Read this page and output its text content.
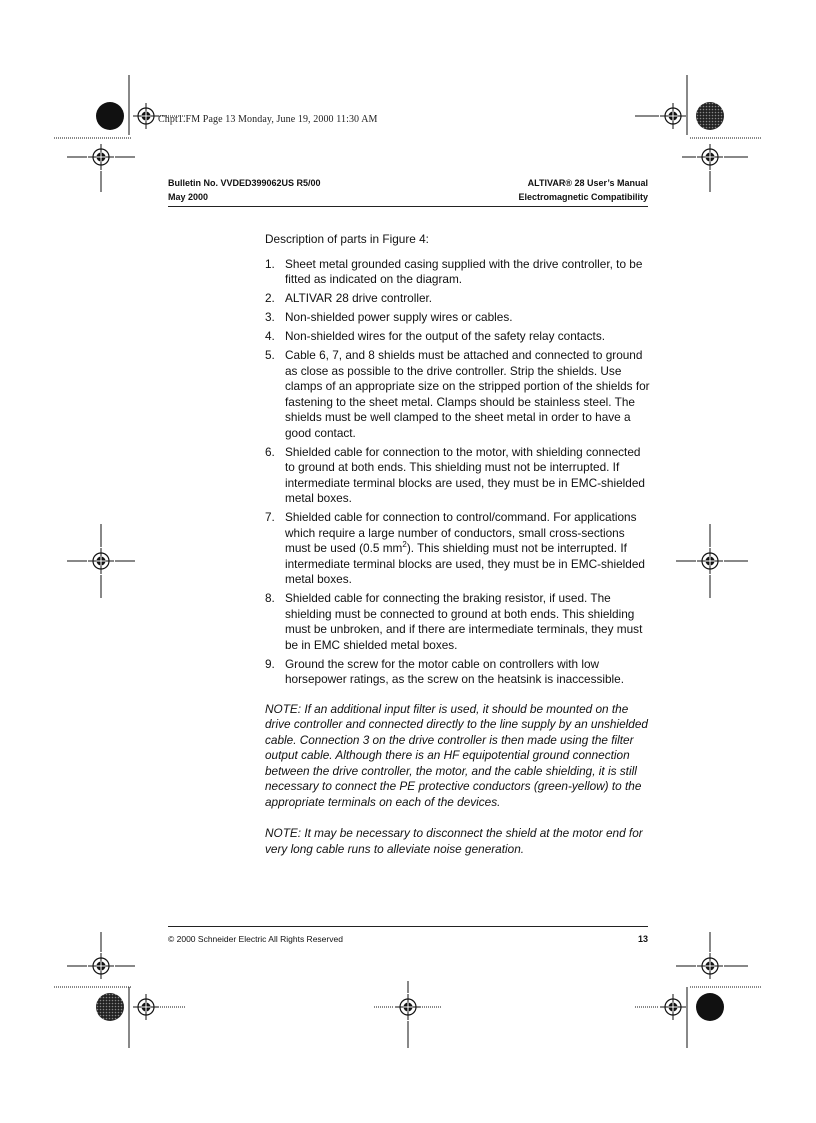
Chpt1.FM Page 13 Monday, June 19, 2000 11:30 AM
Bulletin No. VVDED399062US R5/00
May 2000
ALTIVAR® 28 User’s Manual
Electromagnetic Compatibility

Description of parts in Figure 4:

1. Sheet metal grounded casing supplied with the drive controller, to be fitted as indicated on the diagram.
2. ALTIVAR 28 drive controller.
3. Non-shielded power supply wires or cables.
4. Non-shielded wires for the output of the safety relay contacts.
5. Cable 6, 7, and 8 shields must be attached and connected to ground as close as possible to the drive controller. Strip the shields. Use clamps of an appropriate size on the stripped portion of the shields for fastening to the sheet metal. Clamps should be stainless steel. The shields must be well clamped to the sheet metal in order to have a good contact.
6. Shielded cable for connection to the motor, with shielding connected to ground at both ends. This shielding must not be interrupted. If intermediate terminal blocks are used, they must be in EMC-shielded metal boxes.
7. Shielded cable for connection to control/command. For applications which require a large number of conductors, small cross-sections must be used (0.5 $mm^2$). This shielding must not be interrupted. If intermediate terminal blocks are used, they must be in EMC-shielded metal boxes.
8. Shielded cable for connecting the braking resistor, if used. The shielding must be connected to ground at both ends. This shielding must be unbroken, and if there are intermediate terminals, they must be in EMC shielded metal boxes.
9. Ground the screw for the motor cable on controllers with low horsepower ratings, as the screw on the heatsink is inaccessible.

NOTE: If an additional input filter is used, it should be mounted on the drive controller and connected directly to the line supply by an unshielded cable. Connection 3 on the drive controller is then made using the filter output cable. Although there is an HF equipotential ground connection between the drive controller, the motor, and the cable shielding, it is still necessary to connect the PE protective conductors (green-yellow) to the appropriate terminals on each of the devices.

NOTE: It may be necessary to disconnect the shield at the motor end for very long cable runs to alleviate noise generation.

© 2000 Schneider Electric All Rights Reserved	13
